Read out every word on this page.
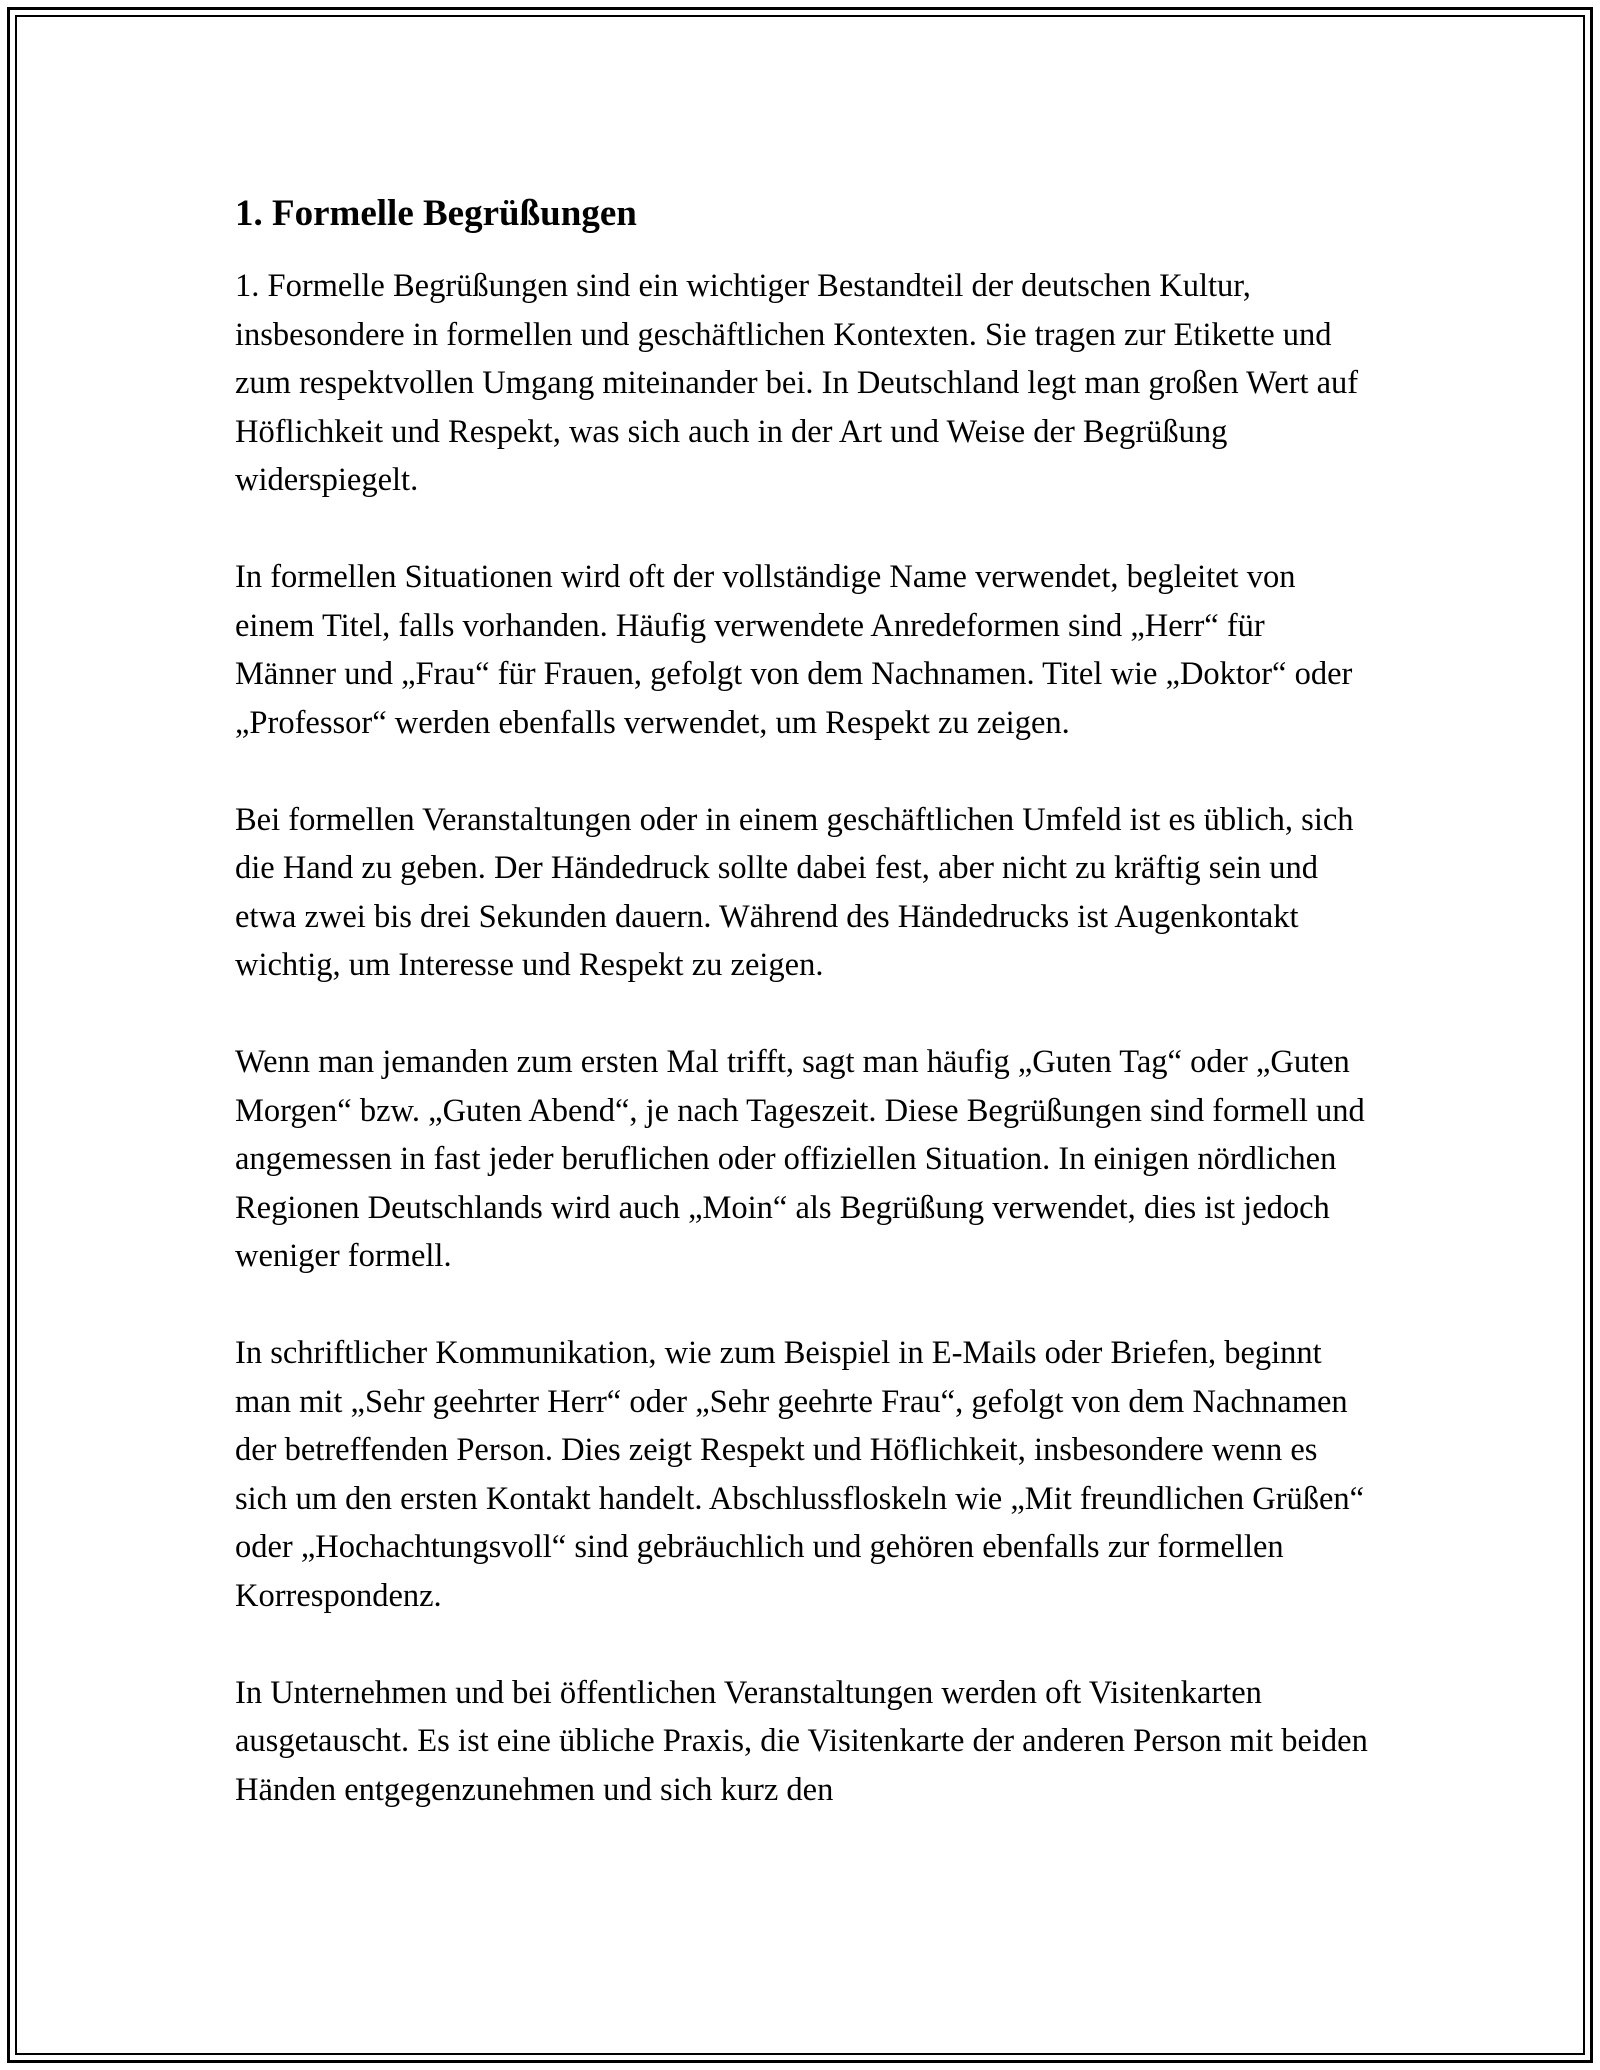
1. Formelle Begrüßungen

1. Formelle Begrüßungen sind ein wichtiger Bestandteil der deutschen Kultur, insbesondere in formellen und geschäftlichen Kontexten. Sie tragen zur Etikette und zum respektvollen Umgang miteinander bei. In Deutschland legt man großen Wert auf Höflichkeit und Respekt, was sich auch in der Art und Weise der Begrüßung widerspiegelt.

In formellen Situationen wird oft der vollständige Name verwendet, begleitet von einem Titel, falls vorhanden. Häufig verwendete Anredeformen sind „Herr“ für Männer und „Frau“ für Frauen, gefolgt von dem Nachnamen. Titel wie „Doktor“ oder „Professor“ werden ebenfalls verwendet, um Respekt zu zeigen.

Bei formellen Veranstaltungen oder in einem geschäftlichen Umfeld ist es üblich, sich die Hand zu geben. Der Händedruck sollte dabei fest, aber nicht zu kräftig sein und etwa zwei bis drei Sekunden dauern. Während des Händedrucks ist Augenkontakt wichtig, um Interesse und Respekt zu zeigen.

Wenn man jemanden zum ersten Mal trifft, sagt man häufig „Guten Tag“ oder „Guten Morgen“ bzw. „Guten Abend“, je nach Tageszeit. Diese Begrüßungen sind formell und angemessen in fast jeder beruflichen oder offiziellen Situation. In einigen nördlichen Regionen Deutschlands wird auch „Moin“ als Begrüßung verwendet, dies ist jedoch weniger formell.

In schriftlicher Kommunikation, wie zum Beispiel in E-Mails oder Briefen, beginnt man mit „Sehr geehrter Herr“ oder „Sehr geehrte Frau“, gefolgt von dem Nachnamen der betreffenden Person. Dies zeigt Respekt und Höflichkeit, insbesondere wenn es sich um den ersten Kontakt handelt. Abschlussfloskeln wie „Mit freundlichen Grüßen“ oder „Hochachtungsvoll“ sind gebräuchlich und gehören ebenfalls zur formellen Korrespondenz.

In Unternehmen und bei öffentlichen Veranstaltungen werden oft Visitenkarten ausgetauscht. Es ist eine übliche Praxis, die Visitenkarte der anderen Person mit beiden Händen entgegenzunehmen und sich kurz den
